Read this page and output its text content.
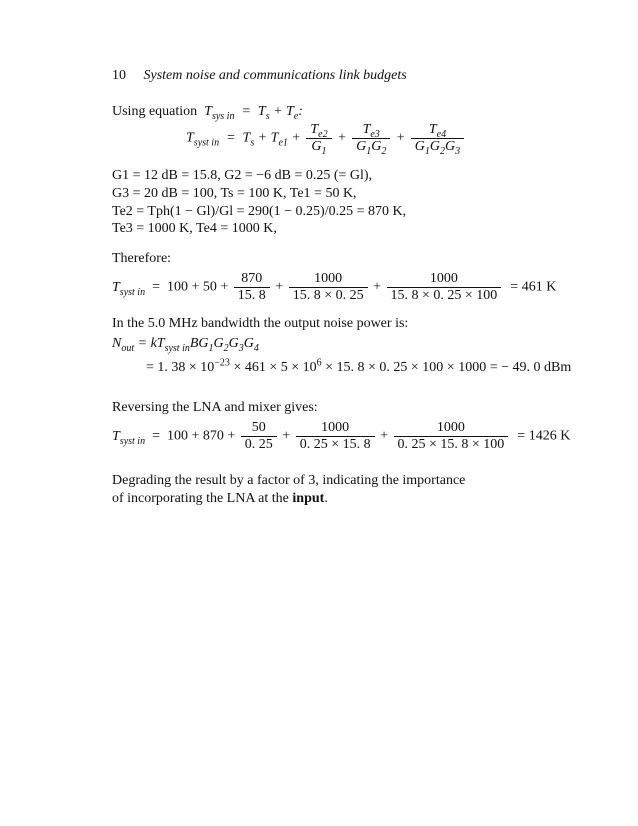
10 System noise and communications link budgets
Using equation  $T_{sys in} = T_s + T_e$:
$T_{syst in} = T_s + T_{e1} + \frac{T_{e2}}{G_1} + \frac{T_{e3}}{G_1G_2} + \frac{T_{e4}}{G_1G_2G_3}$
G1 = 12 dB = 15.8, G2 = −6 dB = 0.25 (= Gl),
G3 = 20 dB = 100, Ts = 100 K, Te1 = 50 K,
Te2 = Tph(1 − Gl)/Gl = 290(1 − 0.25)/0.25 = 870 K,
Te3 = 1000 K, Te4 = 1000 K,
Therefore:
$T_{syst in} = 100 + 50 + \frac{870}{15. 8} + \frac{1000}{15. 8 \times 0. 25} + \frac{1000}{15. 8 \times 0. 25 \times 100} = 461$ K
In the 5.0 MHz bandwidth the output noise power is:
$N_{out} = kT_{syst in}BG_1G_2G_3G_4$
= 1. $38 \times 10^{-23} \times 461 \times 5 \times 10^6 \times 15$. 8 × 0. 25 × 100 × 1000 = − 49. 0 dBm
Reversing the LNA and mixer gives:
$T_{syst in} = 100 + 870 + \frac{50}{0. 25} + \frac{1000}{0. 25 \times 15. 8} + \frac{1000}{0. 25 \times 15. 8 \times 100} = 1426$ K
Degrading the result by a factor of 3, indicating the importance
of incorporating the LNA at the input.
